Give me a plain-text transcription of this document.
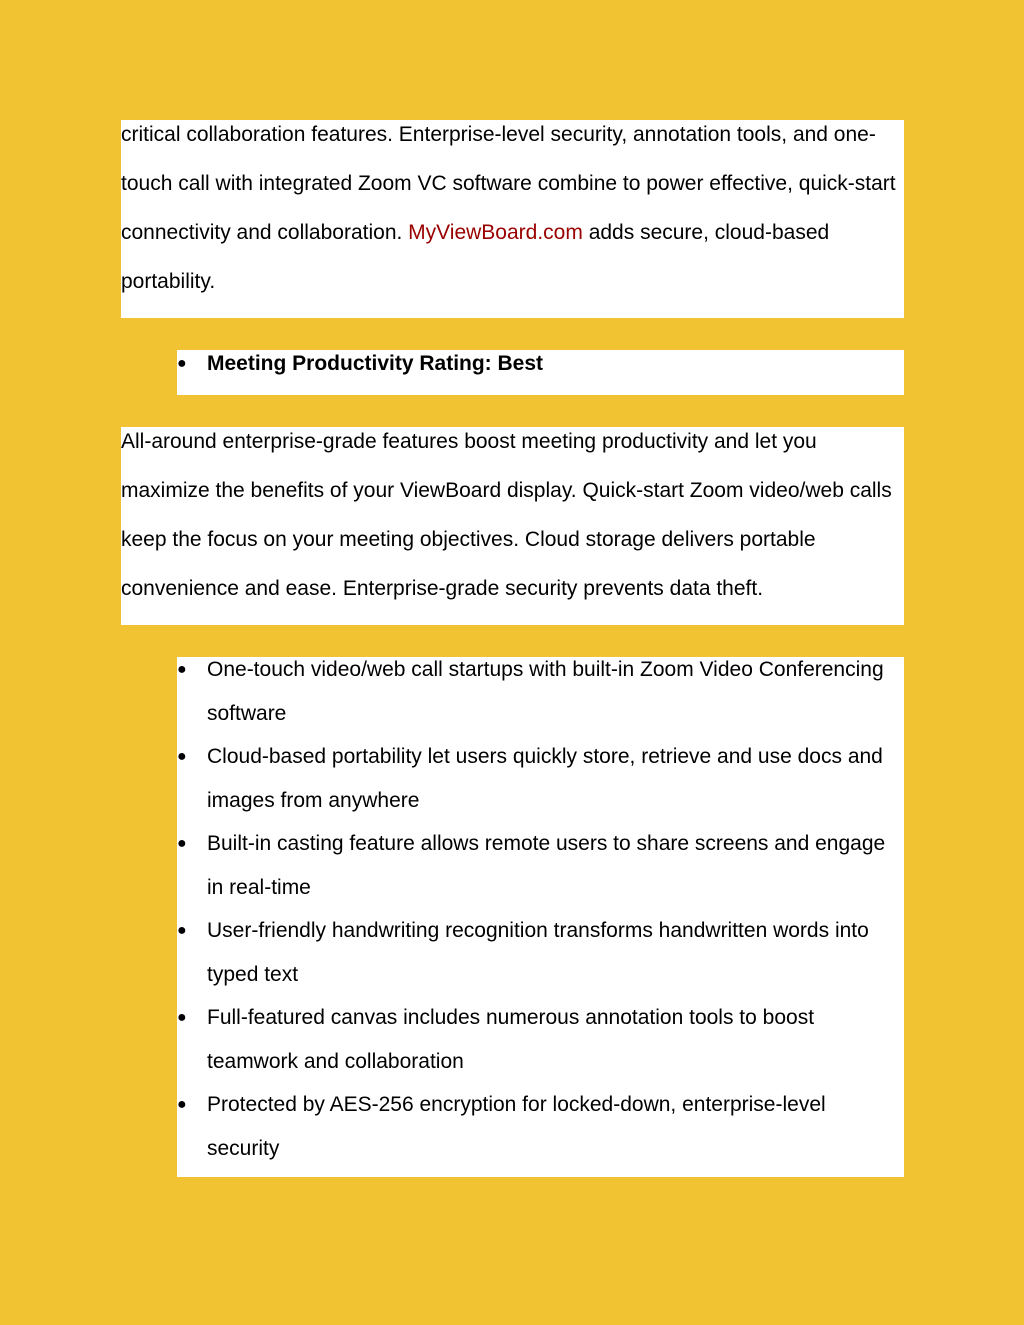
critical collaboration features. Enterprise-level security, annotation tools, and one-touch call with integrated Zoom VC software combine to power effective, quick-start connectivity and collaboration. MyViewBoard.com adds secure, cloud-based portability.

● Meeting Productivity Rating: Best

All-around enterprise-grade features boost meeting productivity and let you maximize the benefits of your ViewBoard display. Quick-start Zoom video/web calls keep the focus on your meeting objectives. Cloud storage delivers portable convenience and ease. Enterprise-grade security prevents data theft.

● One-touch video/web call startups with built-in Zoom Video Conferencing software
● Cloud-based portability let users quickly store, retrieve and use docs and images from anywhere
● Built-in casting feature allows remote users to share screens and engage in real-time
● User-friendly handwriting recognition transforms handwritten words into typed text
● Full-featured canvas includes numerous annotation tools to boost teamwork and collaboration
● Protected by AES-256 encryption for locked-down, enterprise-level security
